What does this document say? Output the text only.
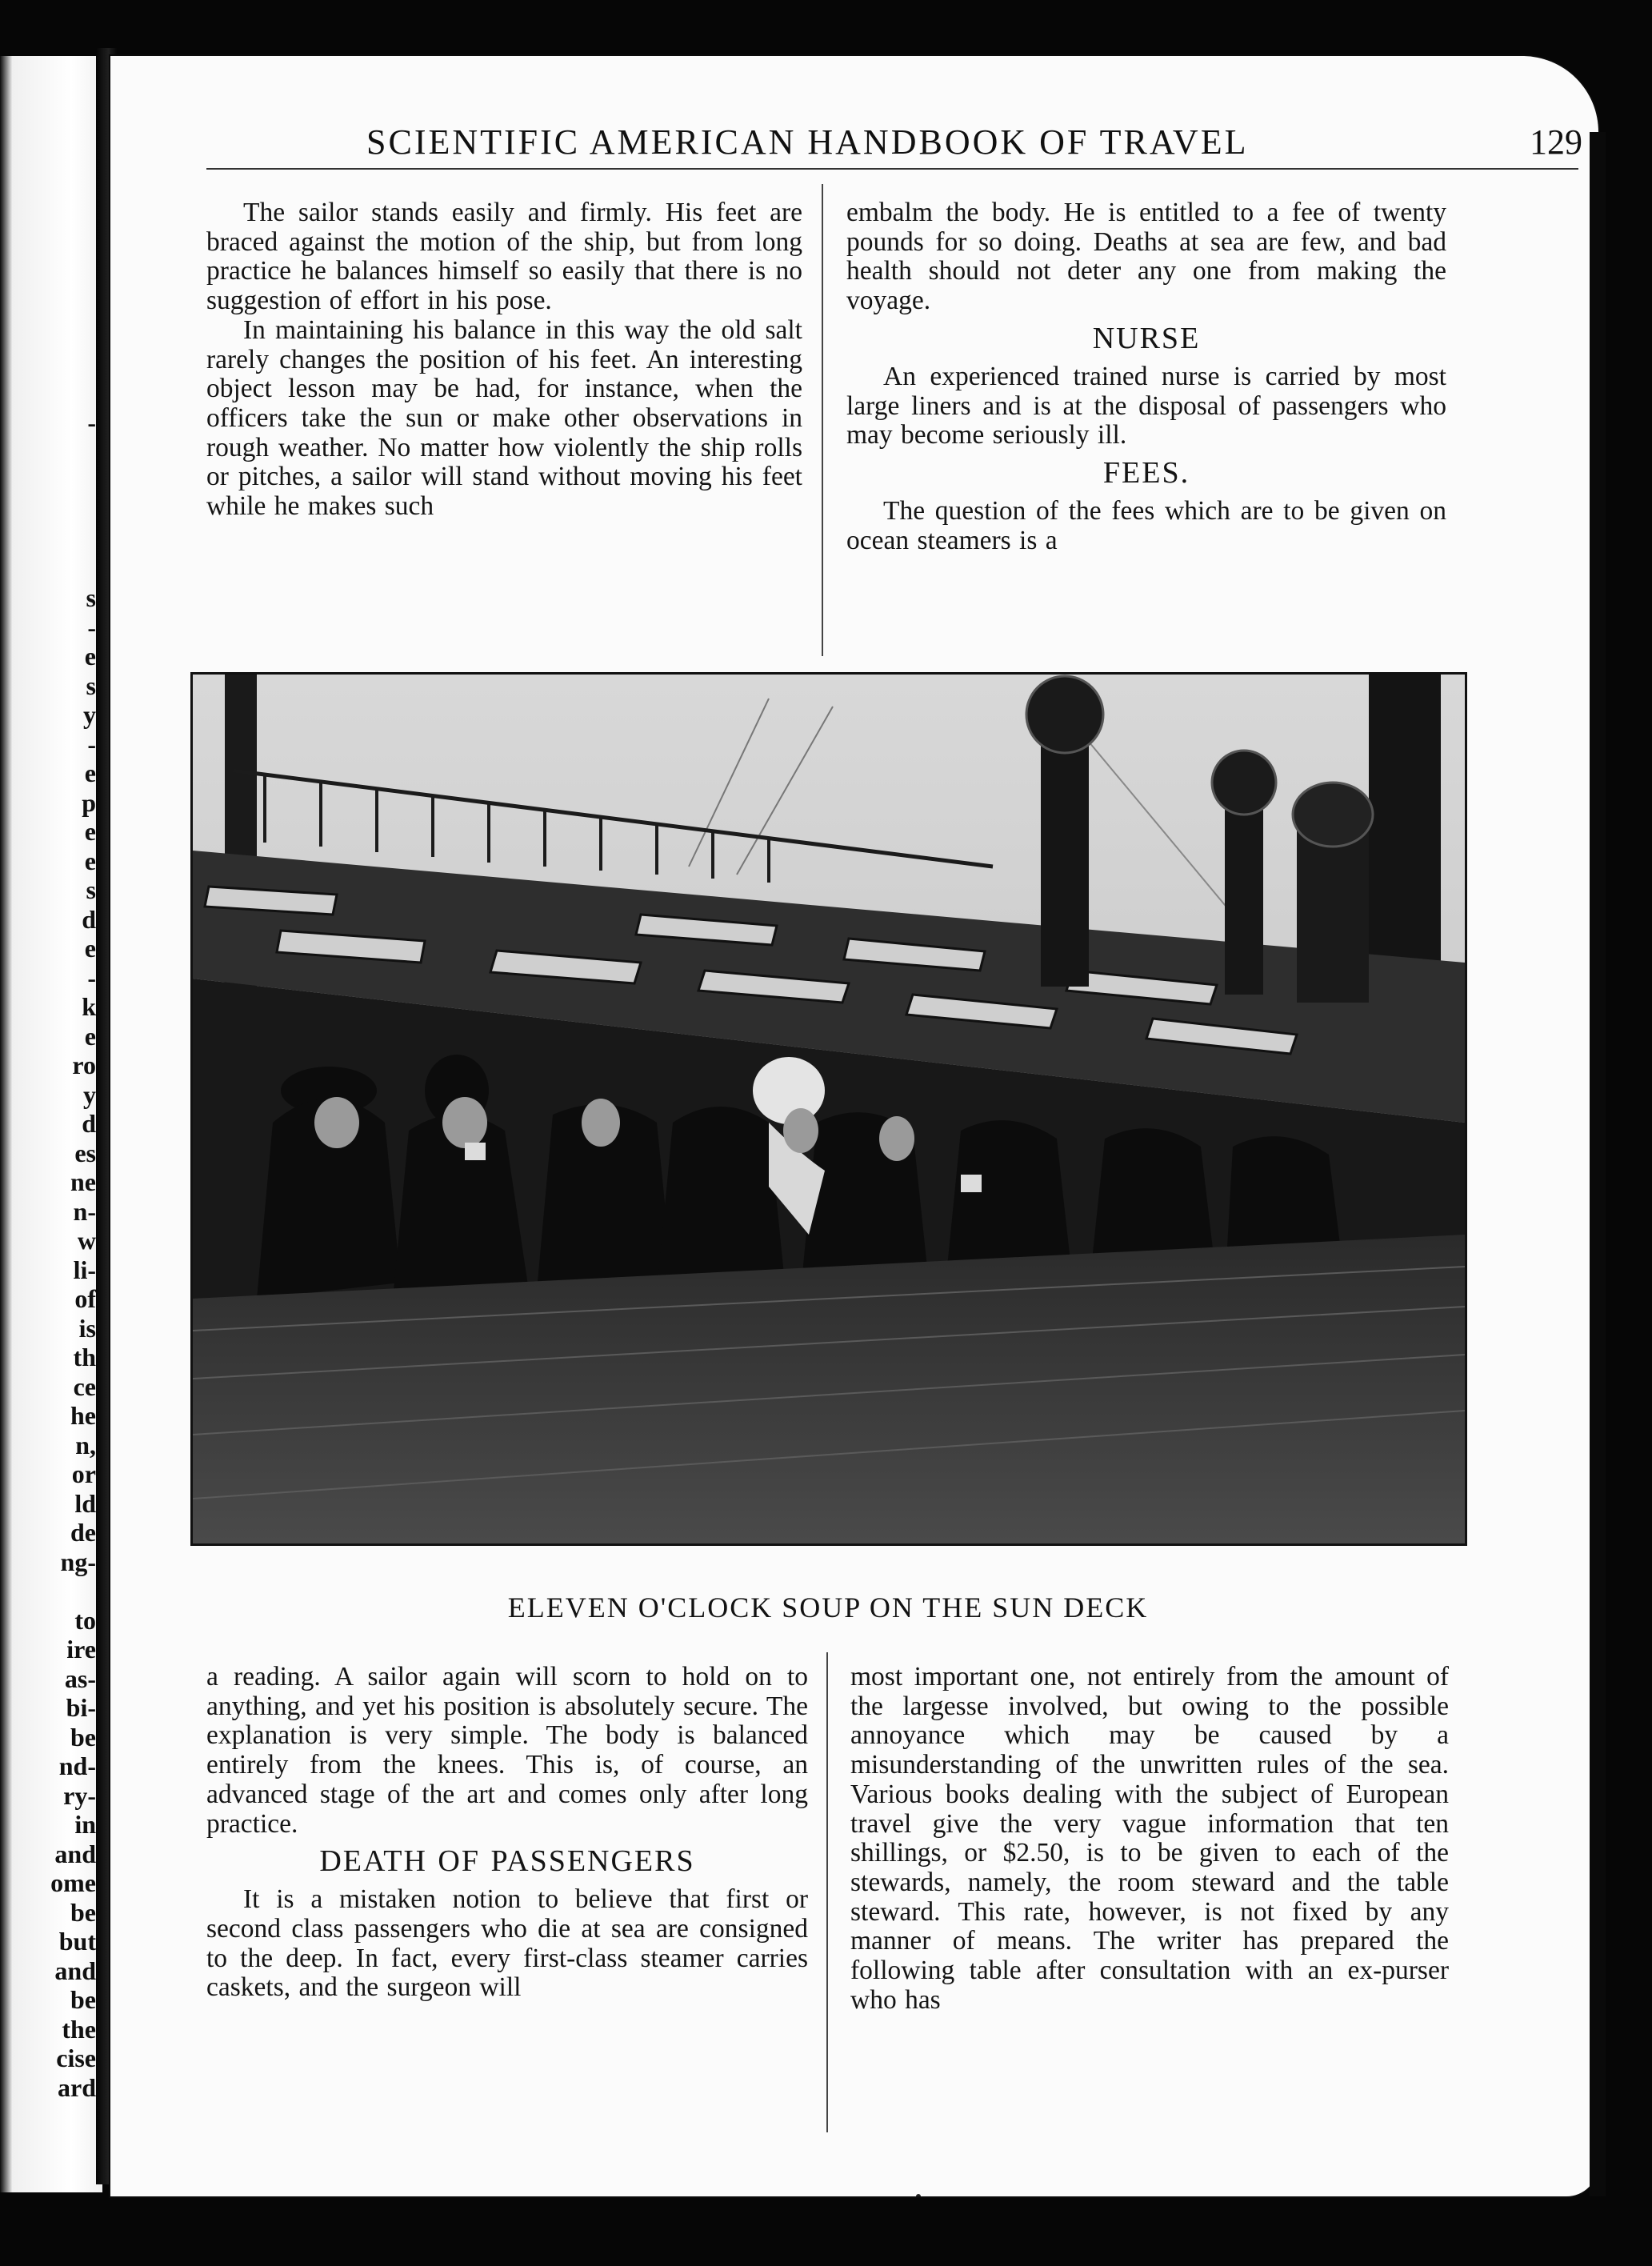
-

s
-
e
s
y
-
e
p
e
e
s
d
e
-
k
e
ro
y
d
es
ne
n-
w
li-
of
is
th
ce
he
n,
or
ld
de
ng-

to
ire
as-
bi-
be
nd-
ry-
in
and
ome
be
but
and
be
the
cise
ard
SCIENTIFIC AMERICAN HANDBOOK OF TRAVEL	129

The sailor stands easily and firmly. His feet are braced against the motion of the ship, but from long practice he balances himself so easily that there is no suggestion of effort in his pose.

In maintaining his balance in this way the old salt rarely changes the position of his feet. An interesting object lesson may be had, for instance, when the officers take the sun or make other observations in rough weather. No matter how violently the ship rolls or pitches, a sailor will stand without moving his feet while he makes such

embalm the body. He is entitled to a fee of twenty pounds for so doing. Deaths at sea are few, and bad health should not deter any one from making the voyage.

NURSE

An experienced trained nurse is carried by most large liners and is at the disposal of passengers who may become seriously ill.

FEES.

The question of the fees which are to be given on ocean steamers is a

ELEVEN O'CLOCK SOUP ON THE SUN DECK

a reading. A sailor again will scorn to hold on to anything, and yet his position is absolutely secure. The explanation is very simple. The body is balanced entirely from the knees. This is, of course, an advanced stage of the art and comes only after long practice.

DEATH OF PASSENGERS

It is a mistaken notion to believe that first or second class passengers who die at sea are consigned to the deep. In fact, every first-class steamer carries caskets, and the surgeon will

most important one, not entirely from the amount of the largesse involved, but owing to the possible annoyance which may be caused by a misunderstanding of the unwritten rules of the sea. Various books dealing with the subject of European travel give the very vague information that ten shillings, or $2.50, is to be given to each of the stewards, namely, the room steward and the table steward. This rate, however, is not fixed by any manner of means. The writer has prepared the following table after consultation with an ex-purser who has
